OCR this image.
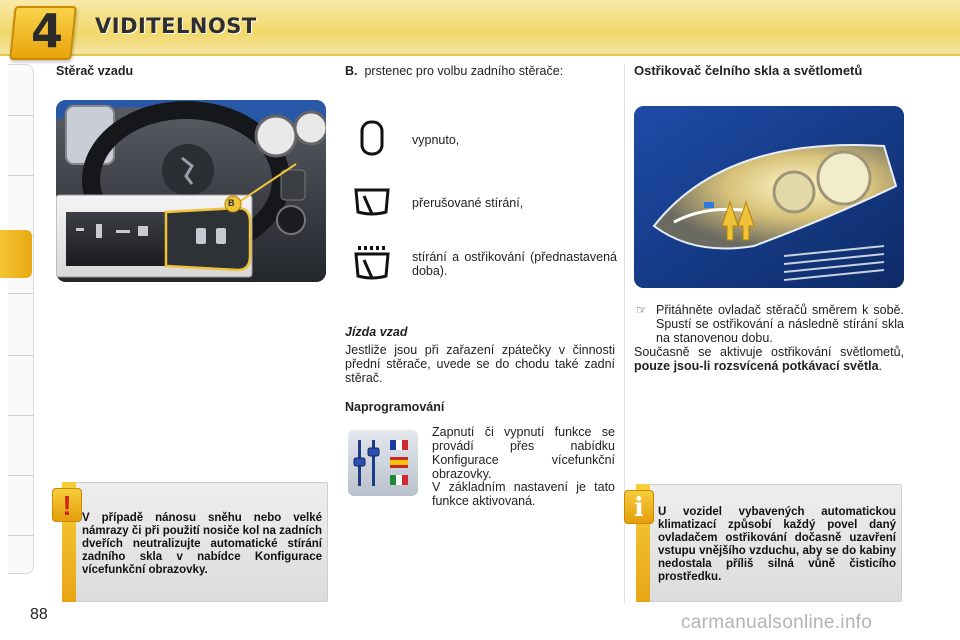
4	VIDITELNOST
Stěrač vzadu
B
! V případě nánosu sněhu nebo velké námrazy či při použití nosiče kol na zadních dveřích neutralizujte automatické stírání zadního skla v nabídce Konfigurace vícefunkční obrazovky.
B. prstenec pro volbu zadního stěrače:
vypnuto,
přerušované stírání,
stírání a ostřikování (přednastavená doba).
Jízda vzad
Jestliže jsou při zařazení zpátečky v činnosti přední stěrače, uvede se do chodu také zadní stěrač.
Naprogramování
Zapnutí či vypnutí funkce se provádí přes nabídku Konfigurace vícefunkční obrazovky.
V základním nastavení je tato funkce aktivovaná.
Ostřikovač čelního skla a světlometů
☞ Přitáhněte ovladač stěračů směrem k sobě. Spustí se ostřikování a následně stírání skla na stanovenou dobu.
Současně se aktivuje ostřikování světlometů, pouze jsou-li rozsvícená potkávací světla.
i	U vozidel vybavených automatickou klimatizací způsobí každý povel daný ovladačem ostřikování dočasně uzavření vstupu vnějšího vzduchu, aby se do kabiny nedostala příliš silná vůně čisticího prostředku.
88	carmanualsonline.info
